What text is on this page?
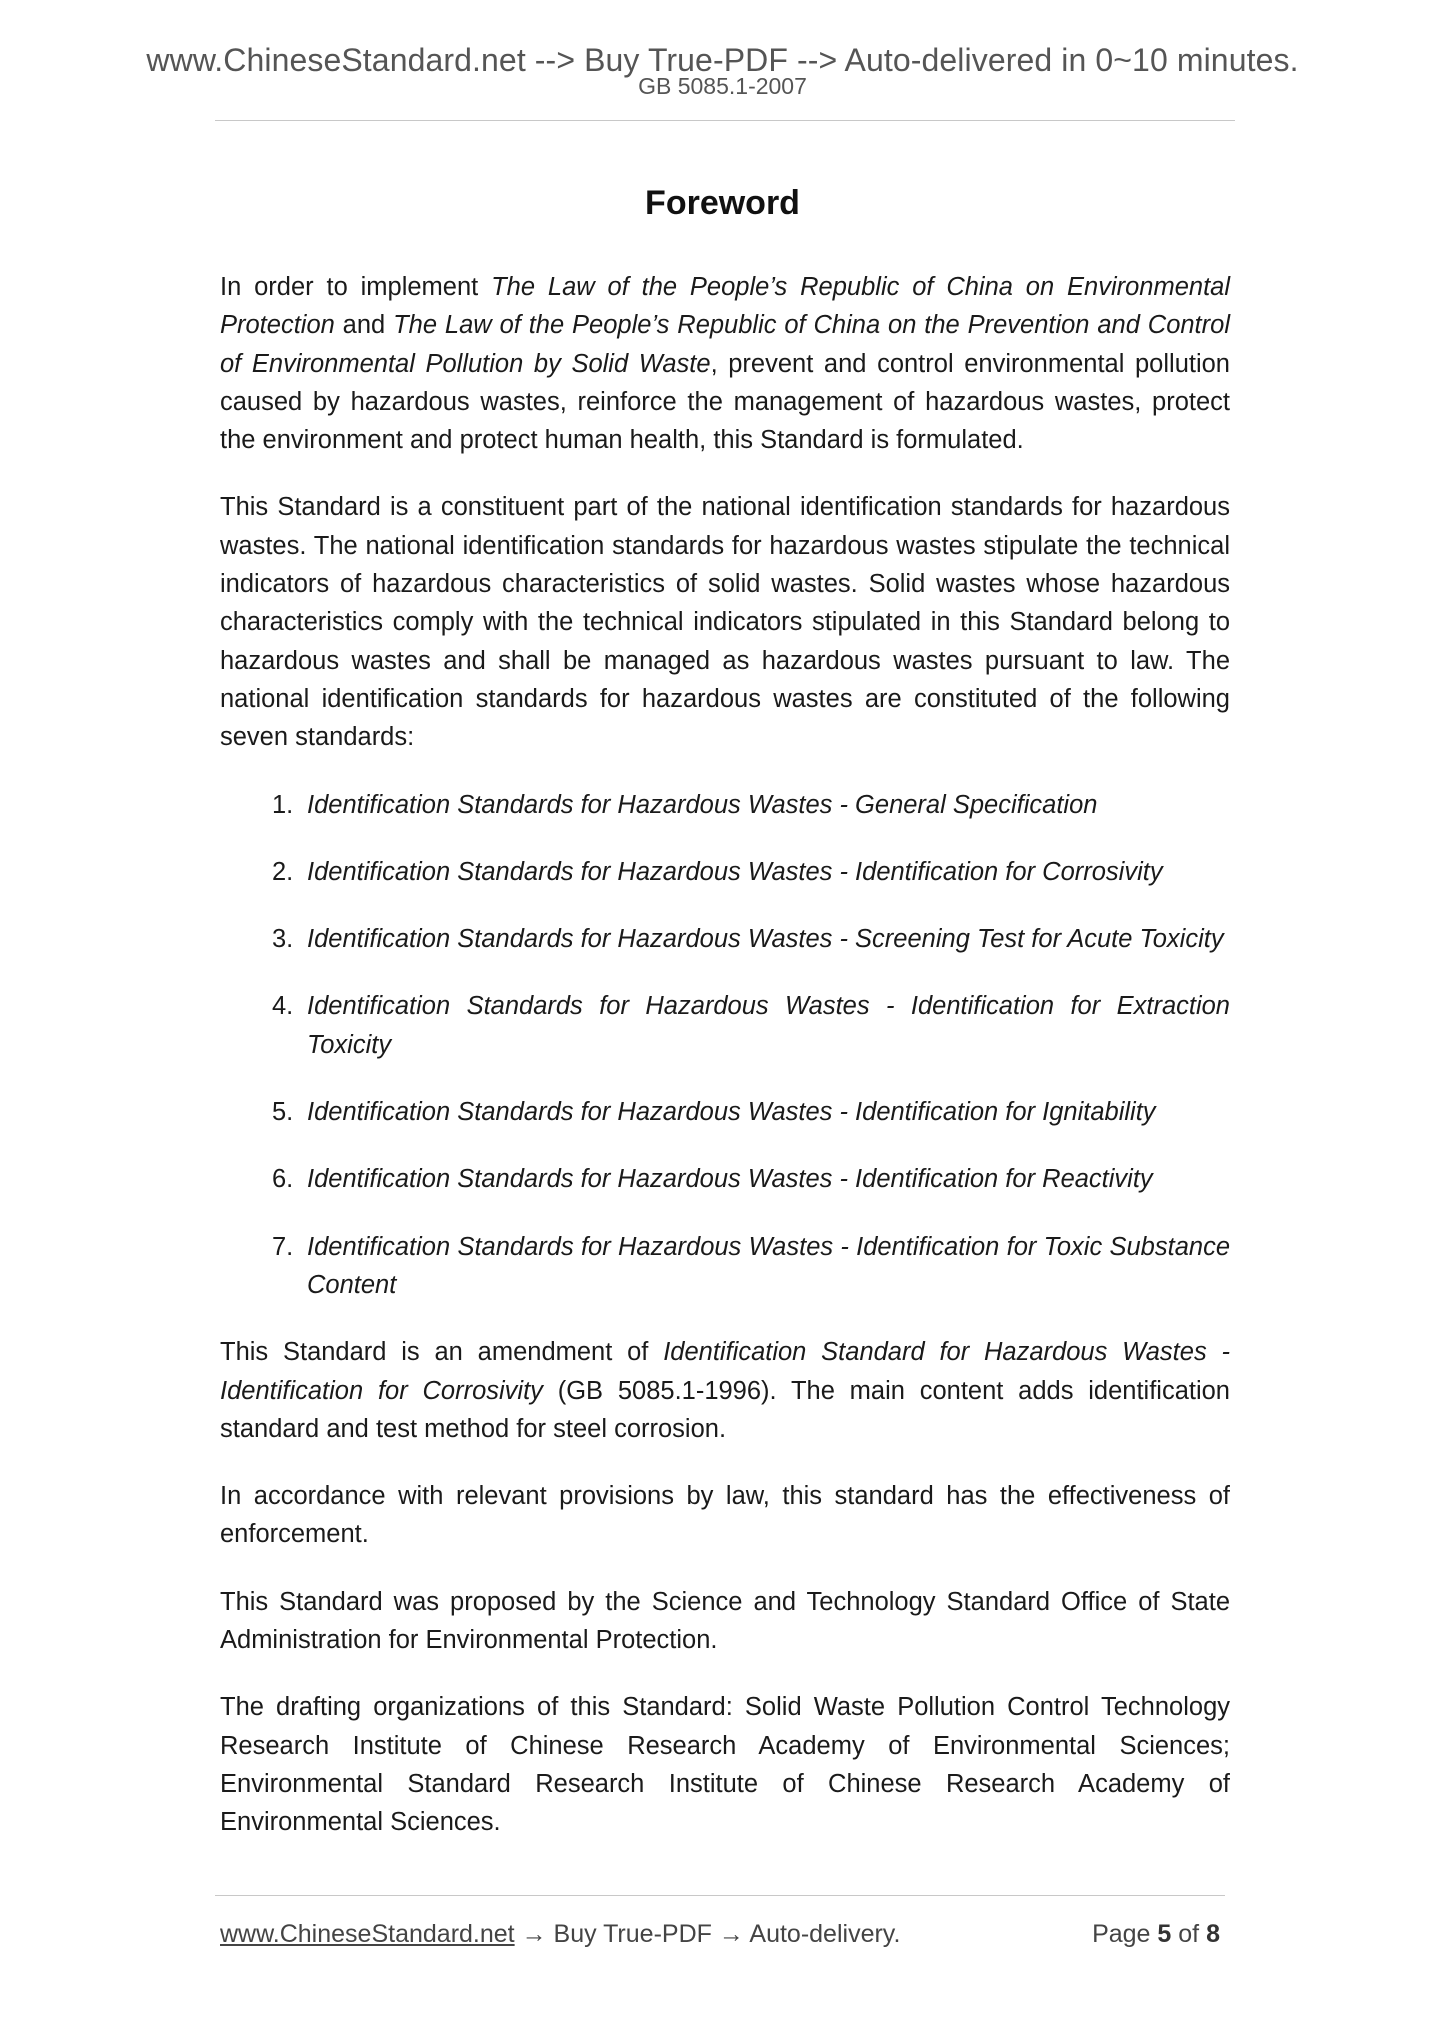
www.ChineseStandard.net --> Buy True-PDF --> Auto-delivered in 0~10 minutes.
GB 5085.1-2007
Foreword

In order to implement The Law of the People’s Republic of China on Environmental Protection and The Law of the People’s Republic of China on the Prevention and Control of Environmental Pollution by Solid Waste, prevent and control environmental pollution caused by hazardous wastes, reinforce the management of hazardous wastes, protect the environment and protect human health, this Standard is formulated.

This Standard is a constituent part of the national identification standards for hazardous wastes. The national identification standards for hazardous wastes stipulate the technical indicators of hazardous characteristics of solid wastes. Solid wastes whose hazardous characteristics comply with the technical indicators stipulated in this Standard belong to hazardous wastes and shall be managed as hazardous wastes pursuant to law. The national identification standards for hazardous wastes are constituted of the following seven standards:

1. Identification Standards for Hazardous Wastes - General Specification
2. Identification Standards for Hazardous Wastes - Identification for Corrosivity
3. Identification Standards for Hazardous Wastes - Screening Test for Acute Toxicity
4. Identification Standards for Hazardous Wastes - Identification for Extraction Toxicity
5. Identification Standards for Hazardous Wastes - Identification for Ignitability
6. Identification Standards for Hazardous Wastes - Identification for Reactivity
7. Identification Standards for Hazardous Wastes - Identification for Toxic Substance Content

This Standard is an amendment of Identification Standard for Hazardous Wastes - Identification for Corrosivity (GB 5085.1-1996). The main content adds identification standard and test method for steel corrosion.

In accordance with relevant provisions by law, this standard has the effectiveness of enforcement.

This Standard was proposed by the Science and Technology Standard Office of State Administration for Environmental Protection.

The drafting organizations of this Standard: Solid Waste Pollution Control Technology Research Institute of Chinese Research Academy of Environmental Sciences; Environmental Standard Research Institute of Chinese Research Academy of Environmental Sciences.

www.ChineseStandard.net → Buy True-PDF → Auto-delivery.	Page 5 of 8
